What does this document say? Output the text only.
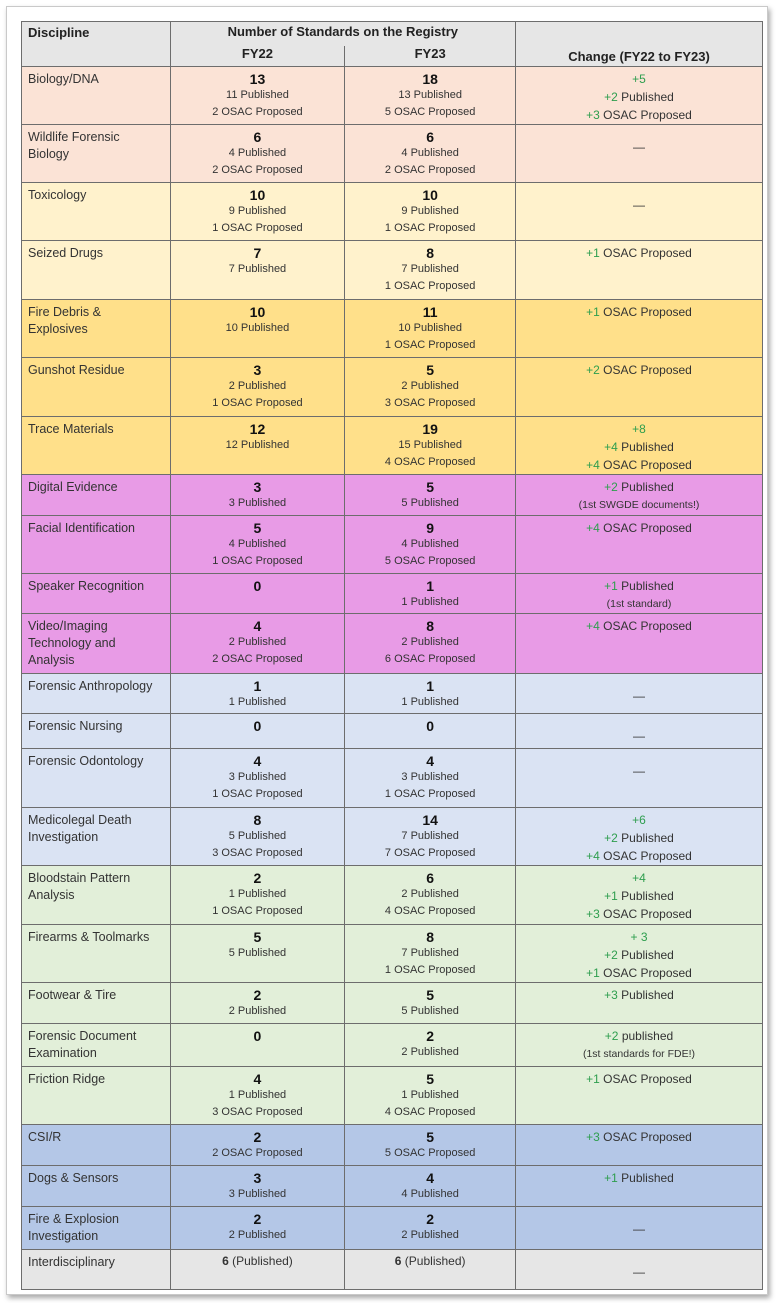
Discipline	Number of Standards on the Registry		Change (FY22 to FY23)
	FY22	FY23	
Biology/DNA	13
11 Published
2 OSAC Proposed	18
13 Published
5 OSAC Proposed	+5
+2 Published
+3 OSAC Proposed

Wildlife Forensic Biology	6
4 Published
2 OSAC Proposed	6
4 Published
2 OSAC Proposed	—

Toxicology	10
9 Published
1 OSAC Proposed	10
9 Published
1 OSAC Proposed	—

Seized Drugs	7
7 Published	8
7 Published
1 OSAC Proposed	+1 OSAC Proposed

Fire Debris & Explosives	10
10 Published	11
10 Published
1 OSAC Proposed	+1 OSAC Proposed

Gunshot Residue	3
2 Published
1 OSAC Proposed	5
2 Published
3 OSAC Proposed	+2 OSAC Proposed

Trace Materials	12
12 Published	19
15 Published
4 OSAC Proposed	+8
+4 Published
+4 OSAC Proposed

Digital Evidence	3
3 Published	5
5 Published	+2 Published
(1st SWGDE documents!)

Facial Identification	5
4 Published
1 OSAC Proposed	9
4 Published
5 OSAC Proposed	+4 OSAC Proposed

Speaker Recognition	0	1
1 Published	+1 Published
(1st standard)

Video/Imaging Technology and Analysis	4
2 Published
2 OSAC Proposed	8
2 Published
6 OSAC Proposed	+4 OSAC Proposed

Forensic Anthropology	1
1 Published	1
1 Published	—

Forensic Nursing	0	0	—

Forensic Odontology	4
3 Published
1 OSAC Proposed	4
3 Published
1 OSAC Proposed	—

Medicolegal Death Investigation	8
5 Published
3 OSAC Proposed	14
7 Published
7 OSAC Proposed	+6
+2 Published
+4 OSAC Proposed

Bloodstain Pattern Analysis	2
1 Published
1 OSAC Proposed	6
2 Published
4 OSAC Proposed	+4
+1 Published
+3 OSAC Proposed

Firearms & Toolmarks	5
5 Published	8
7 Published
1 OSAC Proposed	+ 3
+2 Published
+1 OSAC Proposed

Footwear & Tire	2
2 Published	5
5 Published	+3 Published

Forensic Document Examination	0	2
2 Published	+2 published
(1st standards for FDE!)

Friction Ridge	4
1 Published
3 OSAC Proposed	5
1 Published
4 OSAC Proposed	+1 OSAC Proposed

CSI/R	2
2 OSAC Proposed	5
5 OSAC Proposed	+3 OSAC Proposed

Dogs & Sensors	3
3 Published	4
4 Published	+1 Published

Fire & Explosion Investigation	2
2 Published	2
2 Published	—

Interdisciplinary	6 (Published)	6 (Published)	—
